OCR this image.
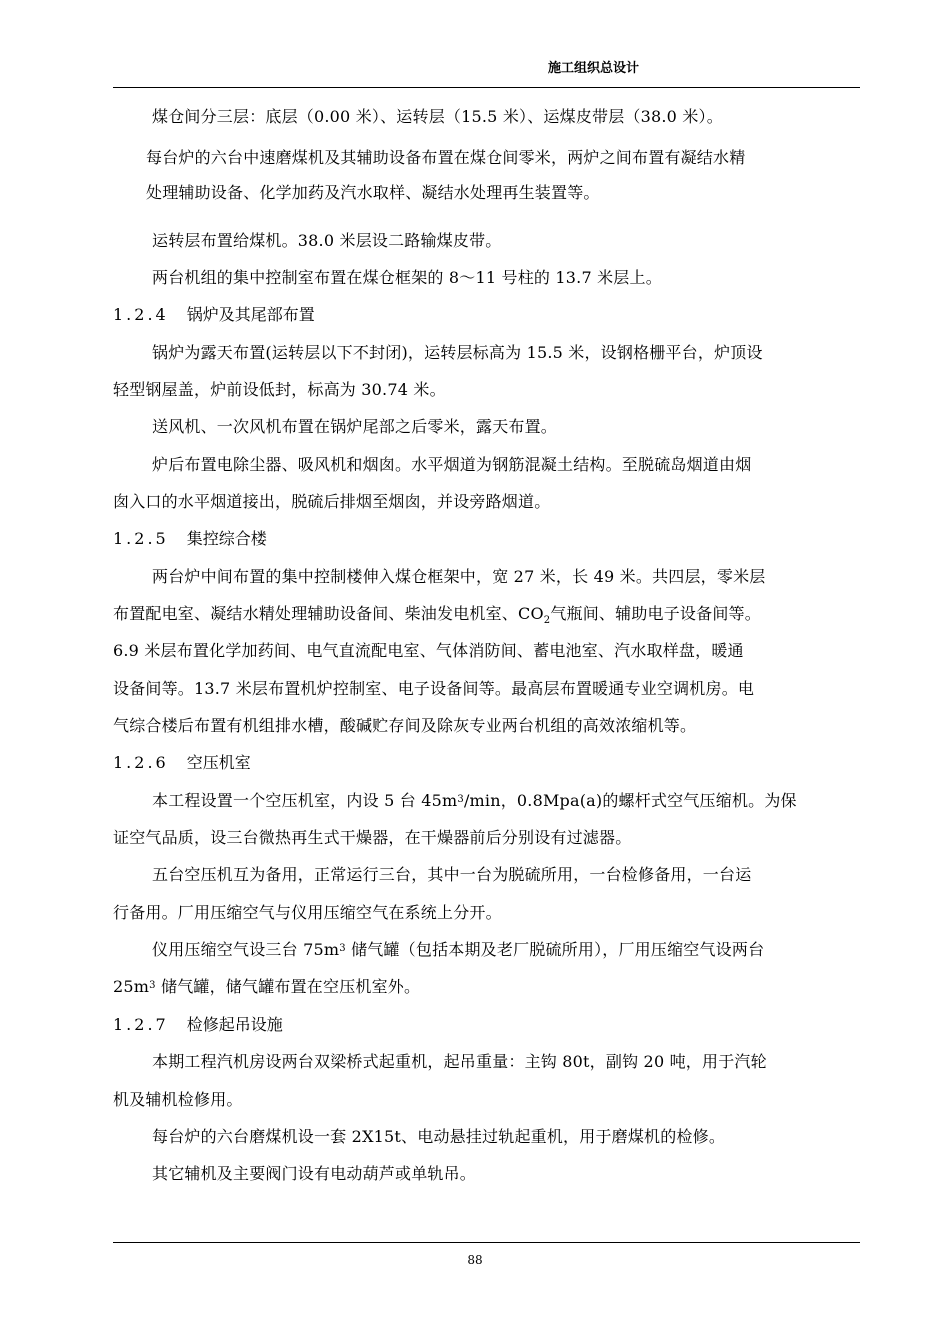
施工组织总设计
煤仓间分三层：底层（0.00 米）、运转层（15.5 米）、运煤皮带层（38.0 米）。
每台炉的六台中速磨煤机及其辅助设备布置在煤仓间零米，两炉之间布置有凝结水精
处理辅助设备、化学加药及汽水取样、凝结水处理再生装置等。
运转层布置给煤机。38.0 米层设二路输煤皮带。
两台机组的集中控制室布置在煤仓框架的 8～11 号柱的 13.7 米层上。
1.2.4 锅炉及其尾部布置
锅炉为露天布置(运转层以下不封闭)，运转层标高为 15.5 米，设钢格栅平台，炉顶设
轻型钢屋盖，炉前设低封，标高为 30.74 米。
送风机、一次风机布置在锅炉尾部之后零米，露天布置。
炉后布置电除尘器、吸风机和烟囱。水平烟道为钢筋混凝土结构。至脱硫岛烟道由烟
囱入口的水平烟道接出，脱硫后排烟至烟囱，并设旁路烟道。
1.2.5 集控综合楼
两台炉中间布置的集中控制楼伸入煤仓框架中，宽 27 米，长 49 米。共四层，零米层
布置配电室、凝结水精处理辅助设备间、柴油发电机室、$CO_2$气瓶间、辅助电子设备间等。
6.9 米层布置化学加药间、电气直流配电室、气体消防间、蓄电池室、汽水取样盘，暖通
设备间等。13.7 米层布置机炉控制室、电子设备间等。最高层布置暖通专业空调机房。电
气综合楼后布置有机组排水槽，酸碱贮存间及除灰专业两台机组的高效浓缩机等。
1.2.6 空压机室
本工程设置一个空压机室，内设 5 台 $45m^3/\min$，0.8Mpa(a)的螺杆式空气压缩机。为保
证空气品质，设三台微热再生式干燥器，在干燥器前后分别设有过滤器。
五台空压机互为备用，正常运行三台，其中一台为脱硫所用，一台检修备用，一台运
行备用。厂用压缩空气与仪用压缩空气在系统上分开。
仪用压缩空气设三台 $75m^3$ 储气罐（包括本期及老厂脱硫所用），厂用压缩空气设两台
$25m^3$ 储气罐，储气罐布置在空压机室外。
1.2.7 检修起吊设施
本期工程汽机房设两台双梁桥式起重机，起吊重量：主钩 80t，副钩 20 吨，用于汽轮
机及辅机检修用。
每台炉的六台磨煤机设一套 2X15t、电动悬挂过轨起重机，用于磨煤机的检修。
其它辅机及主要阀门设有电动葫芦或单轨吊。
88
